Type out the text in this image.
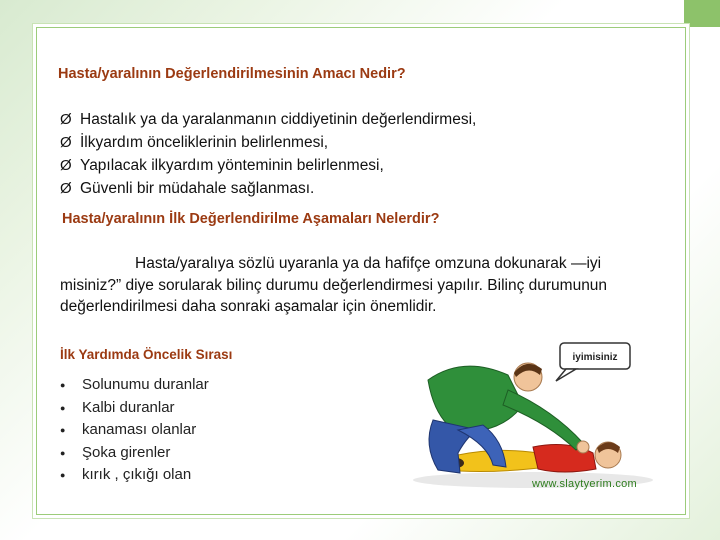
Hasta/yaralının Değerlendirilmesinin Amacı Nedir?
Ø Hastalık ya da yaralanmanın ciddiyetinin değerlendirmesi,
Ø İlkyardım önceliklerinin belirlenmesi,
Ø Yapılacak ilkyardım yönteminin belirlenmesi,
Ø Güvenli bir müdahale sağlanması.
Hasta/yaralının İlk Değerlendirilme Aşamaları Nelerdir?
Hasta/yaralıya sözlü uyaranla ya da hafifçe omzuna dokunarak —iyi misiniz?” diye sorularak bilinç durumu değerlendirmesi yapılır. Bilinç durumunun değerlendirilmesi daha sonraki aşamalar için önemlidir.
İlk Yardımda Öncelik Sırası
● Solunumu duranlar
● Kalbi duranlar
● kanaması olanlar
● Şoka girenler
● kırık , çıkığı olan
iyimisiniz
www.slaytyerim.com
